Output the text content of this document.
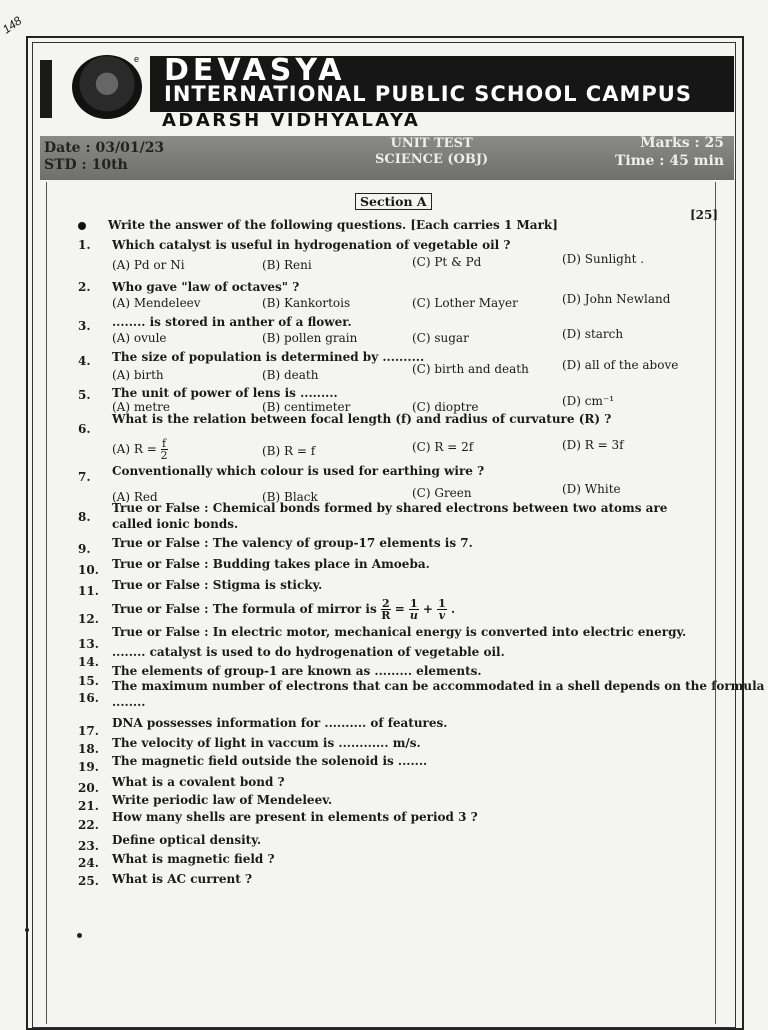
148
e DEVASYA
INTERNATIONAL PUBLIC SCHOOL CAMPUS
ADARSH VIDHYALAYA
Date : 03/01/23
STD : 10th
UNIT TEST
SCIENCE (OBJ)
Marks : 25
Time : 45 min
Section A
[25]
Write the answer of the following questions. [Each carries 1 Mark]
1.	Which catalyst is useful in hydrogenation of vegetable oil ?
(A) Pd or Ni	(B) Reni	(C) Pt & Pd	(D) Sunlight .
2.	Who gave "law of octaves" ?
(A) Mendeleev	(B) Kankortois	(C) Lother Mayer	(D) John Newland
3.	........ is stored in anther of a flower.
(A) ovule	(B) pollen grain	(C) sugar	(D) starch
4.	The size of population is determined by ..........
(A) birth	(B) death	(C) birth and death	(D) all of the above
5.	The unit of power of lens is .........
(A) metre	(B) centimeter	(C) dioptre	(D) cm⁻¹
6.
What is the relation between focal length (f) and radius of curvature (R) ?
(A) $R = \frac{f}{2}$	(B) R = f	(C) R = 2f	(D) R = 3f
7.	Conventionally which colour is used for earthing wire ?
(A) Red	(B) Black	(C) Green	(D) White
8.
True or False : Chemical bonds formed by shared electrons between two atoms are called ionic bonds.
9.	True or False : The valency of group-17 elements is 7.
10.	True or False : Budding takes place in Amoeba.
11.	True or False : Stigma is sticky.
12.
True or False : The formula of mirror is $\frac{2}{R} = \frac{1}{u} + \frac{1}{v}$ .
13.
True or False : In electric motor, mechanical energy is converted into electric energy.
14.
........ catalyst is used to do hydrogenation of vegetable oil.
15.
The elements of group-1 are known as ......... elements.
16.
The maximum number of electrons that can be accommodated in a shell depends on the formula
........
17.
DNA possesses information for .......... of features.
18.	The velocity of light in vaccum is ............ m/s.
19.	The magnetic field outside the solenoid is .......
20.	What is a covalent bond ?
21.	Write periodic law of Mendeleev.
22.
How many shells are present in elements of period 3 ?
23.	Define optical density.
24.	What is magnetic field ?
25.	What is AC current ?
